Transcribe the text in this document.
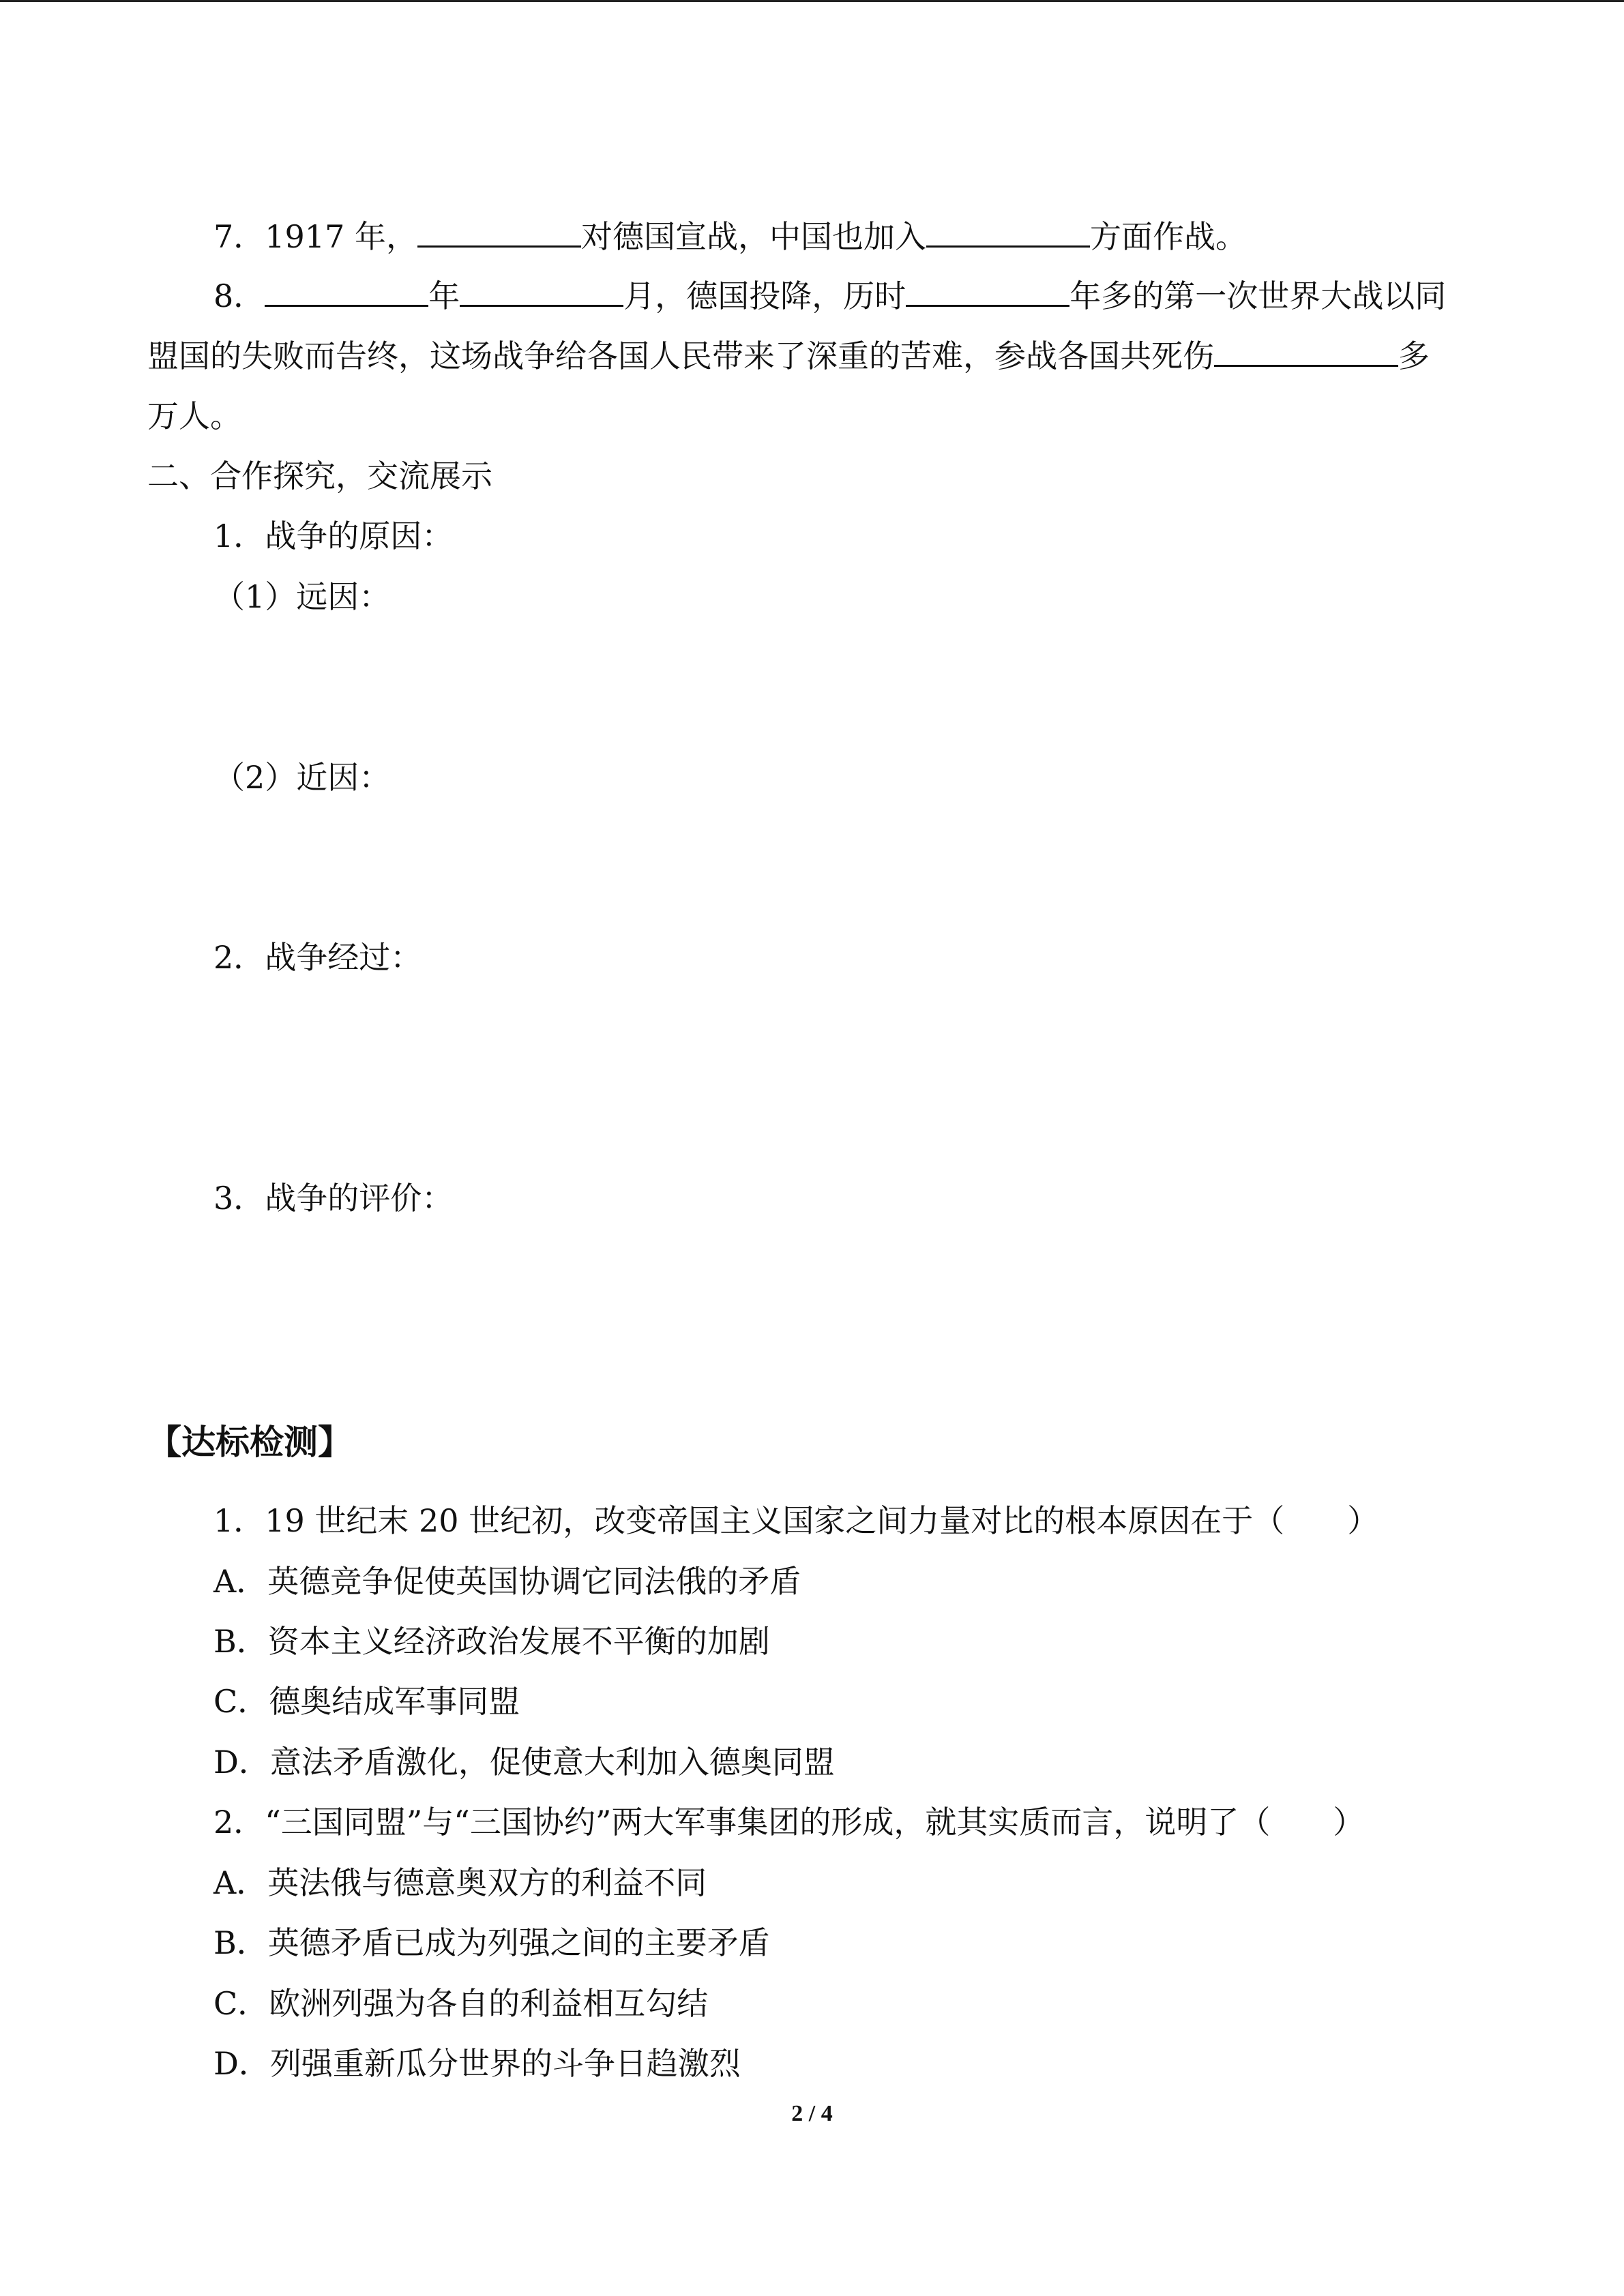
7．1917 年，	对德国宣战，中国也加入	方面作战。
8．	年	月，德国投降，历时	年多的第一次世界大战以同
盟国的失败而告终，这场战争给各国人民带来了深重的苦难，参战各国共死伤	多
万人。
二、合作探究，交流展示
1．战争的原因：
（1）远因：
（2）近因：
2．战争经过：
3．战争的评价：
【达标检测】
1．19 世纪末 20 世纪初，改变帝国主义国家之间力量对比的根本原因在于（　　）
A．英德竞争促使英国协调它同法俄的矛盾
B．资本主义经济政治发展不平衡的加剧
C．德奥结成军事同盟
D．意法矛盾激化，促使意大利加入德奥同盟
2．“三国同盟”与“三国协约”两大军事集团的形成，就其实质而言，说明了（　　）
A．英法俄与德意奥双方的利益不同
B．英德矛盾已成为列强之间的主要矛盾
C．欧洲列强为各自的利益相互勾结
D．列强重新瓜分世界的斗争日趋激烈
2 / 4
